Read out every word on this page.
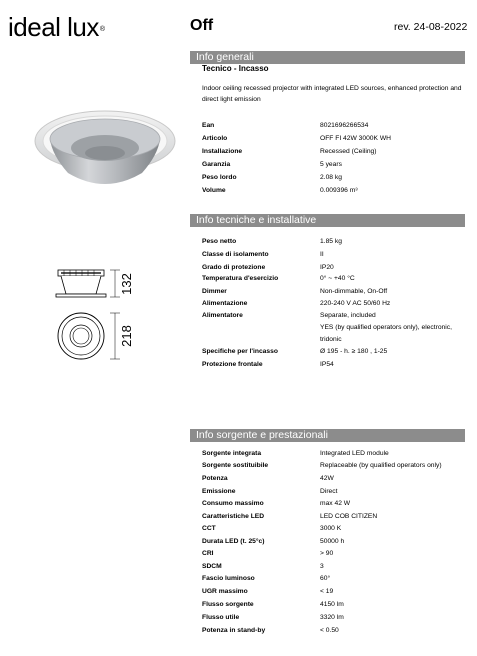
ideal lux®	Off	rev. 24-08-2022
132
218
Info generali
Tecnico - Incasso
Indoor ceiling recessed projector with integrated LED sources, enhanced protection and direct light emission
Ean	8021696266534
Articolo	OFF FI 42W 3000K WH
Installazione	Recessed (Ceiling)
Garanzia	5 years
Peso lordo	2.08 kg
Volume	0.009396 m³
Info tecniche e installative
Peso netto	1.85 kg
Classe di isolamento	II
Grado di protezione	IP20
Temperatura d'esercizio	0° ~ +40 °C
Dimmer	Non-dimmable, On-Off
Alimentazione	220-240 V AC 50/60 Hz
Alimentatore	Separate, included
YES (by qualified operators only), electronic, tridonic
Specifiche per l'incasso	Ø 195 - h. ≥ 180 , 1-25
Protezione frontale	IP54
Info sorgente e prestazionali
Sorgente integrata	Integrated LED module
Sorgente sostituibile	Replaceable (by qualified operators only)
Potenza	42W
Emissione	Direct
Consumo massimo	max 42 W
Caratteristiche LED	LED COB CITIZEN
CCT	3000 K
Durata LED (t. 25°c)	50000 h
CRI	> 90
SDCM	3
Fascio luminoso	60°
UGR massimo	< 19
Flusso sorgente	4150 lm
Flusso utile	3320 lm
Potenza in stand-by	< 0.50
